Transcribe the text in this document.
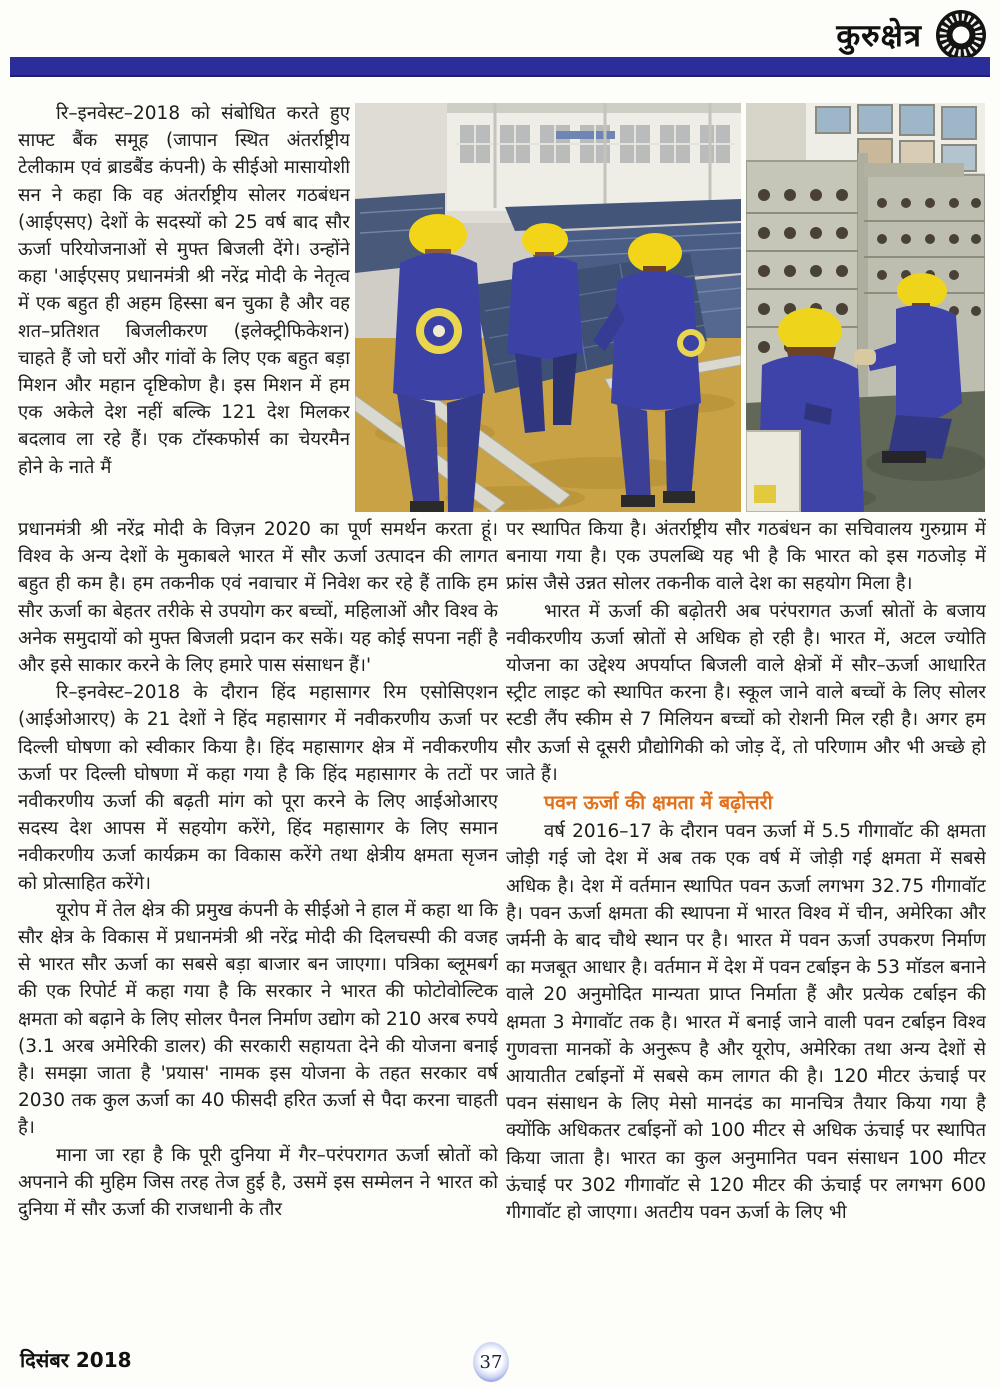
कुरुक्षेत्र

रि–इनवेस्ट–2018 को संबोधित करते हुए साफ्ट बैंक समूह (जापान स्थित अंतर्राष्ट्रीय टेलीकाम एवं ब्राडबैंड कंपनी) के सीईओ मासायोशी सन ने कहा कि वह अंतर्राष्ट्रीय सोलर गठबंधन (आईएसए) देशों के सदस्यों को 25 वर्ष बाद सौर ऊर्जा परियोजनाओं से मुफ्त बिजली देंगे। उन्होंने कहा 'आईएसए प्रधानमंत्री श्री नरेंद्र मोदी के नेतृत्व में एक बहुत ही अहम हिस्सा बन चुका है और वह शत–प्रतिशत बिजलीकरण (इलेक्ट्रीफिकेशन) चाहते हैं जो घरों और गांवों के लिए एक बहुत बड़ा मिशन और महान दृष्टिकोण है। इस मिशन में हम एक अकेले देश नहीं बल्कि 121 देश मिलकर बदलाव ला रहे हैं। एक टॉस्कफोर्स का चेयरमैन होने के नाते मैं

प्रधानमंत्री श्री नरेंद्र मोदी के विज़न 2020 का पूर्ण समर्थन करता हूं। विश्व के अन्य देशों के मुकाबले भारत में सौर ऊर्जा उत्पादन की लागत बहुत ही कम है। हम तकनीक एवं नवाचार में निवेश कर रहे हैं ताकि हम सौर ऊर्जा का बेहतर तरीके से उपयोग कर बच्चों, महिलाओं और विश्व के अनेक समुदायों को मुफ्त बिजली प्रदान कर सकें। यह कोई सपना नहीं है और इसे साकार करने के लिए हमारे पास संसाधन हैं।'

रि–इनवेस्ट–2018 के दौरान हिंद महासागर रिम एसोसिएशन (आईओआरए) के 21 देशों ने हिंद महासागर में नवीकरणीय ऊर्जा पर दिल्ली घोषणा को स्वीकार किया है। हिंद महासागर क्षेत्र में नवीकरणीय ऊर्जा पर दिल्ली घोषणा में कहा गया है कि हिंद महासागर के तटों पर नवीकरणीय ऊर्जा की बढ़ती मांग को पूरा करने के लिए आईओआरए सदस्य देश आपस में सहयोग करेंगे, हिंद महासागर के लिए समान नवीकरणीय ऊर्जा कार्यक्रम का विकास करेंगे तथा क्षेत्रीय क्षमता सृजन को प्रोत्साहित करेंगे।

यूरोप में तेल क्षेत्र की प्रमुख कंपनी के सीईओ ने हाल में कहा था कि सौर क्षेत्र के विकास में प्रधानमंत्री श्री नरेंद्र मोदी की दिलचस्पी की वजह से भारत सौर ऊर्जा का सबसे बड़ा बाजार बन जाएगा। पत्रिका ब्लूमबर्ग की एक रिपोर्ट में कहा गया है कि सरकार ने भारत की फोटोवोल्टिक क्षमता को बढ़ाने के लिए सोलर पैनल निर्माण उद्योग को 210 अरब रुपये (3.1 अरब अमेरिकी डालर) की सरकारी सहायता देने की योजना बनाई है। समझा जाता है 'प्रयास' नामक इस योजना के तहत सरकार वर्ष 2030 तक कुल ऊर्जा का 40 फीसदी हरित ऊर्जा से पैदा करना चाहती है।

माना जा रहा है कि पूरी दुनिया में गैर–परंपरागत ऊर्जा स्रोतों को अपनाने की मुहिम जिस तरह तेज हुई है, उसमें इस सम्मेलन ने भारत को दुनिया में सौर ऊर्जा की राजधानी के तौर

पर स्थापित किया है। अंतर्राष्ट्रीय सौर गठबंधन का सचिवालय गुरुग्राम में बनाया गया है। एक उपलब्धि यह भी है कि भारत को इस गठजोड़ में फ्रांस जैसे उन्नत सोलर तकनीक वाले देश का सहयोग मिला है।

भारत में ऊर्जा की बढ़ोतरी अब परंपरागत ऊर्जा स्रोतों के बजाय नवीकरणीय ऊर्जा स्रोतों से अधिक हो रही है। भारत में, अटल ज्योति योजना का उद्देश्य अपर्याप्त बिजली वाले क्षेत्रों में सौर–ऊर्जा आधारित स्ट्रीट लाइट को स्थापित करना है। स्कूल जाने वाले बच्चों के लिए सोलर स्टडी लैंप स्कीम से 7 मिलियन बच्चों को रोशनी मिल रही है। अगर हम सौर ऊर्जा से दूसरी प्रौद्योगिकी को जोड़ दें, तो परिणाम और भी अच्छे हो जाते हैं।

पवन ऊर्जा की क्षमता में बढ़ोत्तरी

वर्ष 2016–17 के दौरान पवन ऊर्जा में 5.5 गीगावॉट की क्षमता जोड़ी गई जो देश में अब तक एक वर्ष में जोड़ी गई क्षमता में सबसे अधिक है। देश में वर्तमान स्थापित पवन ऊर्जा लगभग 32.75 गीगावॉट है। पवन ऊर्जा क्षमता की स्थापना में भारत विश्व में चीन, अमेरिका और जर्मनी के बाद चौथे स्थान पर है। भारत में पवन ऊर्जा उपकरण निर्माण का मजबूत आधार है। वर्तमान में देश में पवन टर्बाइन के 53 मॉडल बनाने वाले 20 अनुमोदित मान्यता प्राप्त निर्माता हैं और प्रत्येक टर्बाइन की क्षमता 3 मेगावॉट तक है। भारत में बनाई जाने वाली पवन टर्बाइन विश्व गुणवत्ता मानकों के अनुरूप है और यूरोप, अमेरिका तथा अन्य देशों से आयातीत टर्बाइनों में सबसे कम लागत की है। 120 मीटर ऊंचाई पर पवन संसाधन के लिए मेसो मानदंड का मानचित्र तैयार किया गया है क्योंकि अधिकतर टर्बाइनों को 100 मीटर से अधिक ऊंचाई पर स्थापित किया जाता है। भारत का कुल अनुमानित पवन संसाधन 100 मीटर ऊंचाई पर 302 गीगावॉट से 120 मीटर की ऊंचाई पर लगभग 600 गीगावॉट हो जाएगा। अतटीय पवन ऊर्जा के लिए भी

दिसंबर 2018	37
